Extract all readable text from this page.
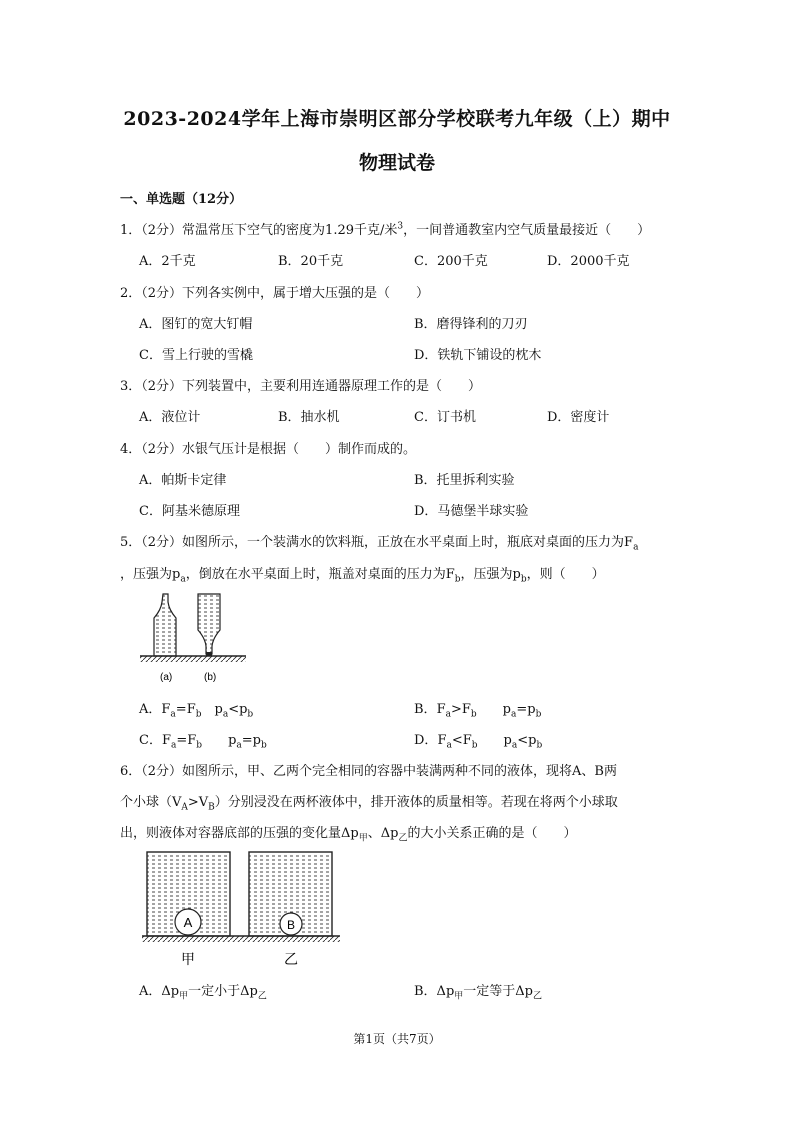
2023-2024学年上海市崇明区部分学校联考九年级（上）期中
物理试卷
一、单选题（12分）
1．（2分）常温常压下空气的密度为1.29千克/米$^3$，一间普通教室内空气质量最接近（　　）
A．2千克	B．20千克	C．200千克	D．2000千克
2．（2分）下列各实例中，属于增大压强的是（　　）
A．图钉的宽大钉帽	B．磨得锋利的刀刃
C．雪上行驶的雪橇	D．铁轨下铺设的枕木
3．（2分）下列装置中，主要利用连通器原理工作的是（　　）
A．液位计	B．抽水机	C．订书机	D．密度计
4．（2分）水银气压计是根据（　　）制作而成的。
A．帕斯卡定律	B．托里拆利实验
C．阿基米德原理	D．马德堡半球实验
5．（2分）如图所示，一个装满水的饮料瓶，正放在水平桌面上时，瓶底对桌面的压力为$F_a$
，压强为$p_a$，倒放在水平桌面上时，瓶盖对桌面的压力为$F_b$，压强为$p_b$，则（　　）
(a)	(b)
A．$F_a=F_b$　 $p_a<p_b$	B．$F_a>F_b$　　 $p_a=p_b$
C．$F_a=F_b$　　 $p_a=p_b$	D．$F_a<F_b$　　 $p_a<p_b$
6．（2分）如图所示，甲、乙两个完全相同的容器中装满两种不同的液体，现将A、B两
个小球$(V_A>V_B)$分别浸没在两杯液体中，排开液体的质量相等。若现在将两个小球取
出，则液体对容器底部的压强的变化量$\Delta p_甲$、$\Delta p_乙$的大小关系正确的是（　　）
A	B
甲	乙
A．$\Delta p_甲$一定小于$\Delta p_乙$	B．$\Delta p_甲$一定等于$\Delta p_乙$
第1页（共7页）
